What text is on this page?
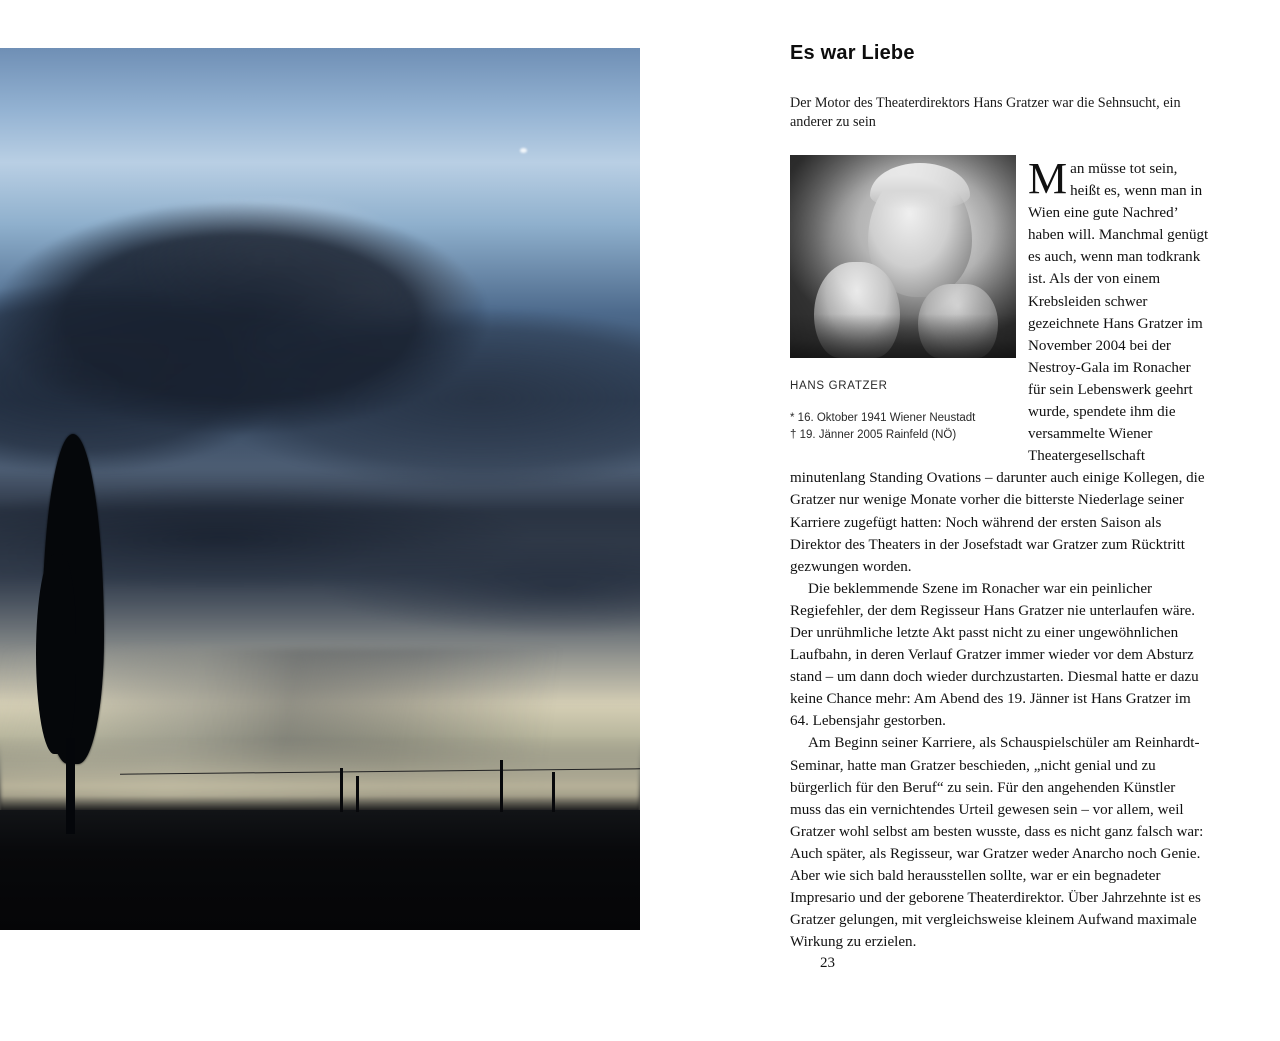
Es war Liebe
Der Motor des Theaterdirektors Hans Gratzer war die Sehnsucht, ein anderer zu sein

Man müsse tot sein, heißt es, wenn man in Wien eine gute Nachred’ haben will. Manchmal genügt es auch, wenn man todkrank ist. Als der von einem Krebsleiden schwer gezeichnete Hans Gratzer im November 2004 bei der Nestroy-Gala im Ronacher für sein Lebenswerk geehrt wurde, spendete ihm die versammelte Wiener Theatergesellschaft minutenlang Standing Ovations – darunter auch einige Kollegen, die Gratzer nur wenige Monate vorher die bitterste Niederlage seiner Karriere zugefügt hatten: Noch während der ersten Saison als Direktor des Theaters in der Josefstadt war Gratzer zum Rücktritt gezwungen worden.

Die beklemmende Szene im Ronacher war ein peinlicher Regiefehler, der dem Regisseur Hans Gratzer nie unterlaufen wäre. Der unrühmliche letzte Akt passt nicht zu einer ungewöhnlichen Laufbahn, in deren Verlauf Gratzer immer wieder vor dem Absturz stand – um dann doch wieder durchzustarten. Diesmal hatte er dazu keine Chance mehr: Am Abend des 19. Jänner ist Hans Gratzer im 64. Lebensjahr gestorben.

Am Beginn seiner Karriere, als Schauspielschüler am Reinhardt-Seminar, hatte man Gratzer beschieden, „nicht genial und zu bürgerlich für den Beruf“ zu sein. Für den angehenden Künstler muss das ein vernichtendes Urteil gewesen sein – vor allem, weil Gratzer wohl selbst am besten wusste, dass es nicht ganz falsch war: Auch später, als Regisseur, war Gratzer weder Anarcho noch Genie. Aber wie sich bald herausstellen sollte, war er ein begnadeter Impresario und der geborene Theaterdirektor. Über Jahrzehnte ist es Gratzer gelungen, mit vergleichsweise kleinem Aufwand maximale Wirkung zu erzielen.

HANS GRATZER
* 16. Oktober 1941 Wiener Neustadt
† 19. Jänner 2005 Rainfeld (NÖ)
23
